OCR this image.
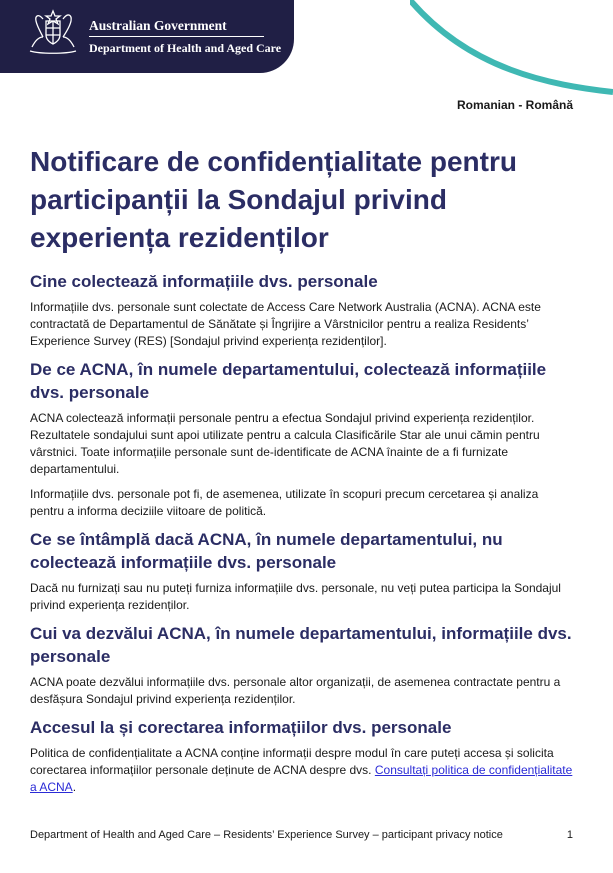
Australian Government
Department of Health and Aged Care
Romanian - Română
Notificare de confidențialitate pentru participanții la Sondajul privind experiența rezidenților
Cine colectează informațiile dvs. personale

Informațiile dvs. personale sunt colectate de Access Care Network Australia (ACNA). ACNA este contractată de Departamentul de Sănătate și Îngrijire a Vârstnicilor pentru a realiza Residents’ Experience Survey (RES) [Sondajul privind experiența rezidenților].

De ce ACNA, în numele departamentului, colectează informațiile dvs. personale

ACNA colectează informații personale pentru a efectua Sondajul privind experiența rezidenților. Rezultatele sondajului sunt apoi utilizate pentru a calcula Clasificările Star ale unui cămin pentru vârstnici. Toate informațiile personale sunt de-identificate de ACNA înainte de a fi furnizate departamentului.

Informațiile dvs. personale pot fi, de asemenea, utilizate în scopuri precum cercetarea și analiza pentru a informa deciziile viitoare de politică.

Ce se întâmplă dacă ACNA, în numele departamentului, nu colectează informațiile dvs. personale

Dacă nu furnizați sau nu puteți furniza informațiile dvs. personale, nu veți putea participa la Sondajul privind experiența rezidenților.

Cui va dezvălui ACNA, în numele departamentului, informațiile dvs. personale

ACNA poate dezvălui informațiile dvs. personale altor organizații, de asemenea contractate pentru a desfășura Sondajul privind experiența rezidenților.

Accesul la și corectarea informațiilor dvs. personale

Politica de confidențialitate a ACNA conține informații despre modul în care puteți accesa și solicita corectarea informațiilor personale deținute de ACNA despre dvs. Consultați politica de confidențialitate a ACNA.

Department of Health and Aged Care – Residents’ Experience Survey – participant privacy notice	1
